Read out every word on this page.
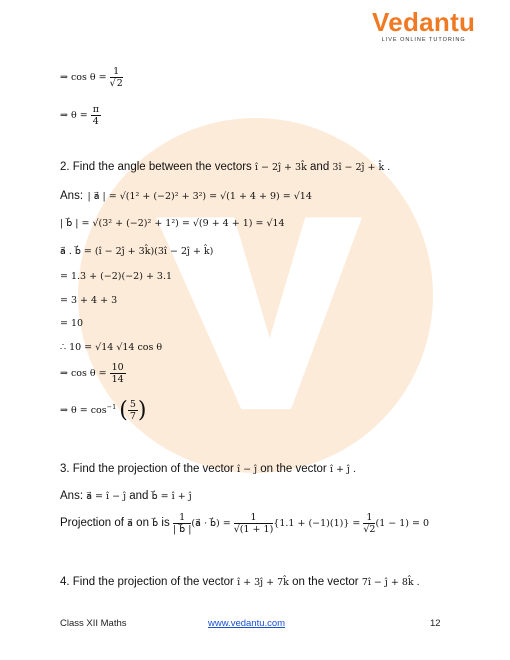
Vedantu
LIVE ONLINE TUTORING
⇒ $\cos \theta = \frac{1}{√2}$
⇒ $\theta = \frac{\pi}{4}$
2. Find the angle between the vectors î − 2ĵ + 3k̂ and 3î − 2ĵ + k̂ .
Ans: | a⃗ | = √(1² + (−2)² + 3²) = √(1 + 4 + 9) = √14
| b⃗ | = √(3² + (−2)² + 1²) = √(9 + 4 + 1) = √14
a⃗ . b⃗ = (î − 2ĵ + 3k̂)(3î − 2ĵ + k̂)
= 1.3 + (−2)(−2) + 3.1
= 3 + 4 + 3
= 10
∴ 10 = √14 √14 cos θ
⇒ $\cos \theta = \frac{10}{14}$
⇒ $\theta = \cos^{-1}$ ( $\frac{5}{7}$ )
3. Find the projection of the vector î − ĵ on the vector î + ĵ .
Ans: a⃗ = î − ĵ and b⃗ = î + ĵ
Projection of a⃗ on b⃗ is $\frac{1}{| b⃗ |}$ (a⃗ · b⃗) = $\frac{1}{√(1 + 1)} \{1.1 + (-1)(1)\} = \frac{1}{√2} (1 - 1) = 0$
4. Find the projection of the vector î + 3ĵ + 7k̂ on the vector 7î − ĵ + 8k̂ .
Class XII Maths	www.vedantu.com	12
